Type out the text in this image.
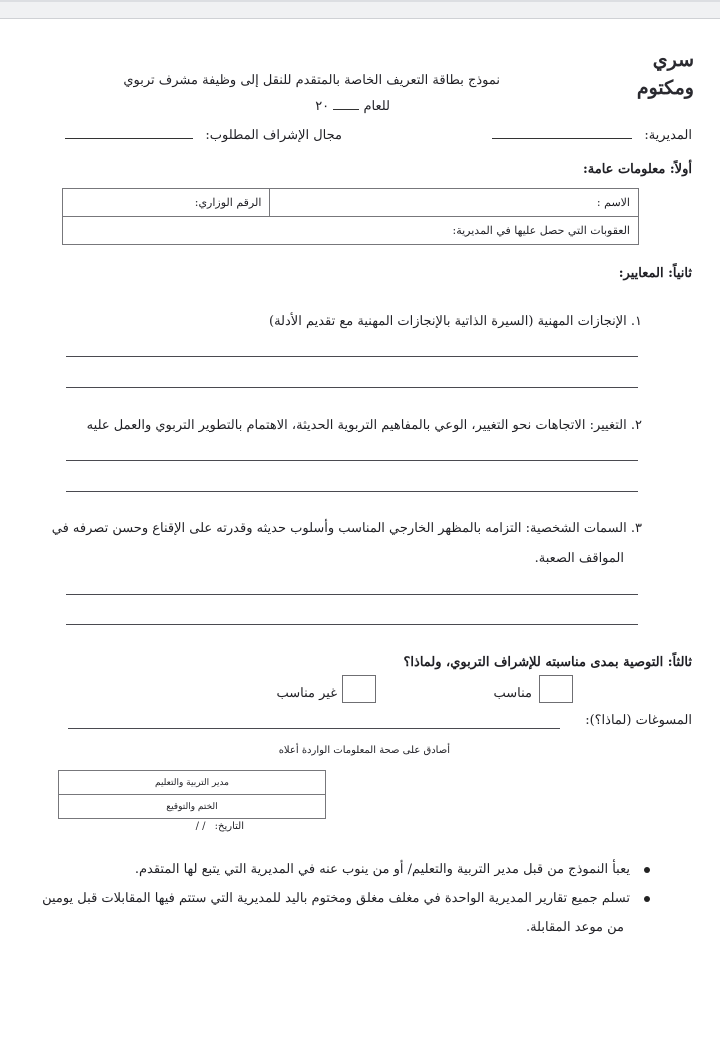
سري
ومكتوم
نموذج بطاقة التعريف الخاصة بالمتقدم للنقل إلى وظيفة مشرف تربوي
للعام  ٢٠
المديرية:
مجال الإشراف المطلوب:
أولاً: معلومات عامة:
الاسم :	الرقم الوزاري:
العقوبات التي حصل عليها في المديرية:
ثانياً: المعايير:
١. الإنجازات المهنية (السيرة الذاتية بالإنجازات المهنية مع تقديم الأدلة)
٢. التغيير: الاتجاهات نحو التغيير، الوعي بالمفاهيم التربوية الحديثة، الاهتمام بالتطوير التربوي والعمل عليه
٣. السمات الشخصية: التزامه بالمظهر الخارجي المناسب وأسلوب حديثه وقدرته على الإقناع وحسن تصرفه في
المواقف الصعبة.
ثالثاً: التوصية بمدى مناسبته للإشراف التربوي، ولماذا؟
مناسب
غير مناسب
المسوغات (لماذا؟):
أصادق على صحة المعلومات الواردة أعلاه
مدير التربية والتعليم
الختم والتوقيع
التاريخ: / /
يعبأ النموذج من قبل مدير التربية والتعليم/ أو من ينوب عنه في المديرية التي يتبع لها المتقدم.
تسلم جميع تقارير المديرية الواحدة في مغلف مغلق ومختوم باليد للمديرية التي ستتم فيها المقابلات قبل يومين
من موعد المقابلة.
